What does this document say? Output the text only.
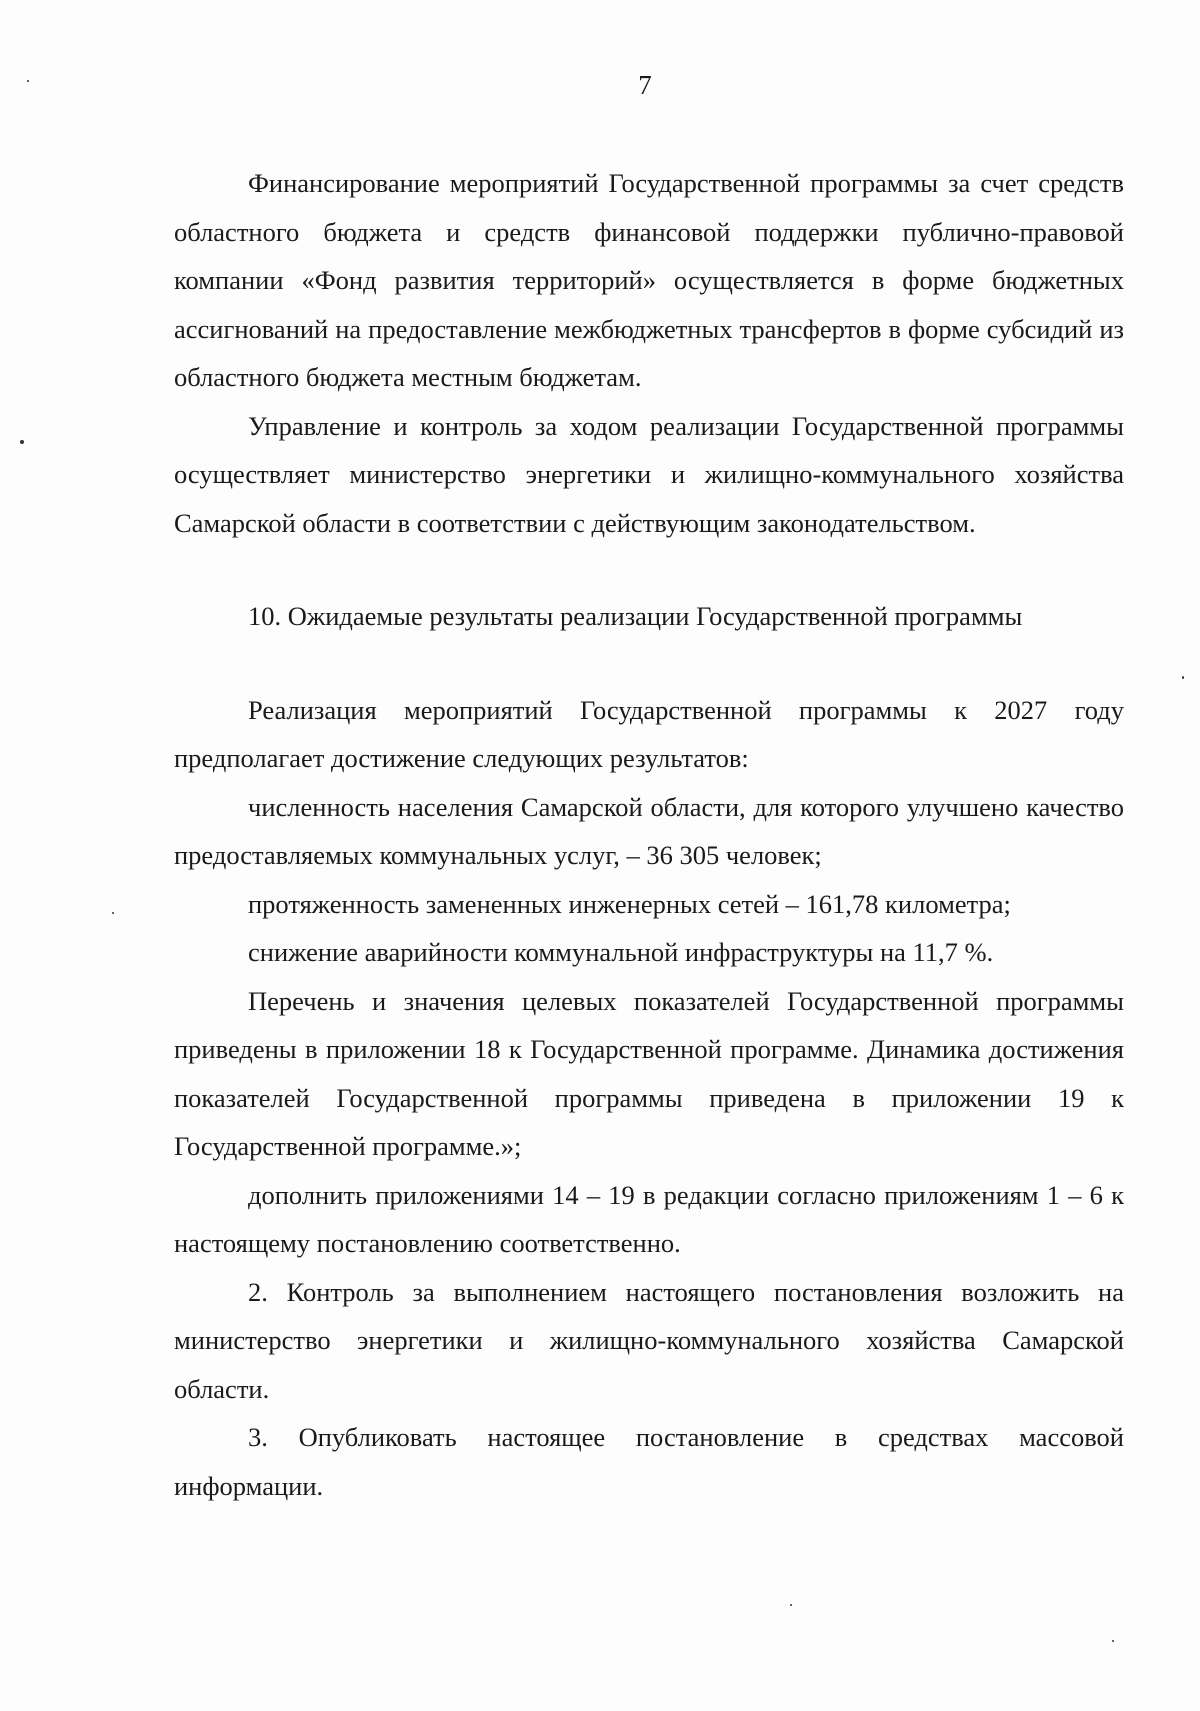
7

Финансирование мероприятий Государственной программы за счет средств областного бюджета и средств финансовой поддержки публично-правовой компании «Фонд развития территорий» осуществляется в форме бюджетных ассигнований на предоставление межбюджетных трансфертов в форме субсидий из областного бюджета местным бюджетам.

Управление и контроль за ходом реализации Государственной программы осуществляет министерство энергетики и жилищно-коммунального хозяйства Самарской области в соответствии с действующим законодательством.

10. Ожидаемые результаты реализации Государственной программы

Реализация мероприятий Государственной программы к 2027 году предполагает достижение следующих результатов:

численность населения Самарской области, для которого улучшено качество предоставляемых коммунальных услуг, – 36 305 человек;

протяженность замененных инженерных сетей – 161,78 километра;

снижение аварийности коммунальной инфраструктуры на 11,7 %.

Перечень и значения целевых показателей Государственной программы приведены в приложении 18 к Государственной программе. Динамика достижения показателей Государственной программы приведена в приложении 19 к Государственной программе.»;

дополнить приложениями 14 – 19 в редакции согласно приложениям 1 – 6 к настоящему постановлению соответственно.

2. Контроль за выполнением настоящего постановления возложить на министерство энергетики и жилищно-коммунального хозяйства Самарской области.

3. Опубликовать настоящее постановление в средствах массовой информации.
